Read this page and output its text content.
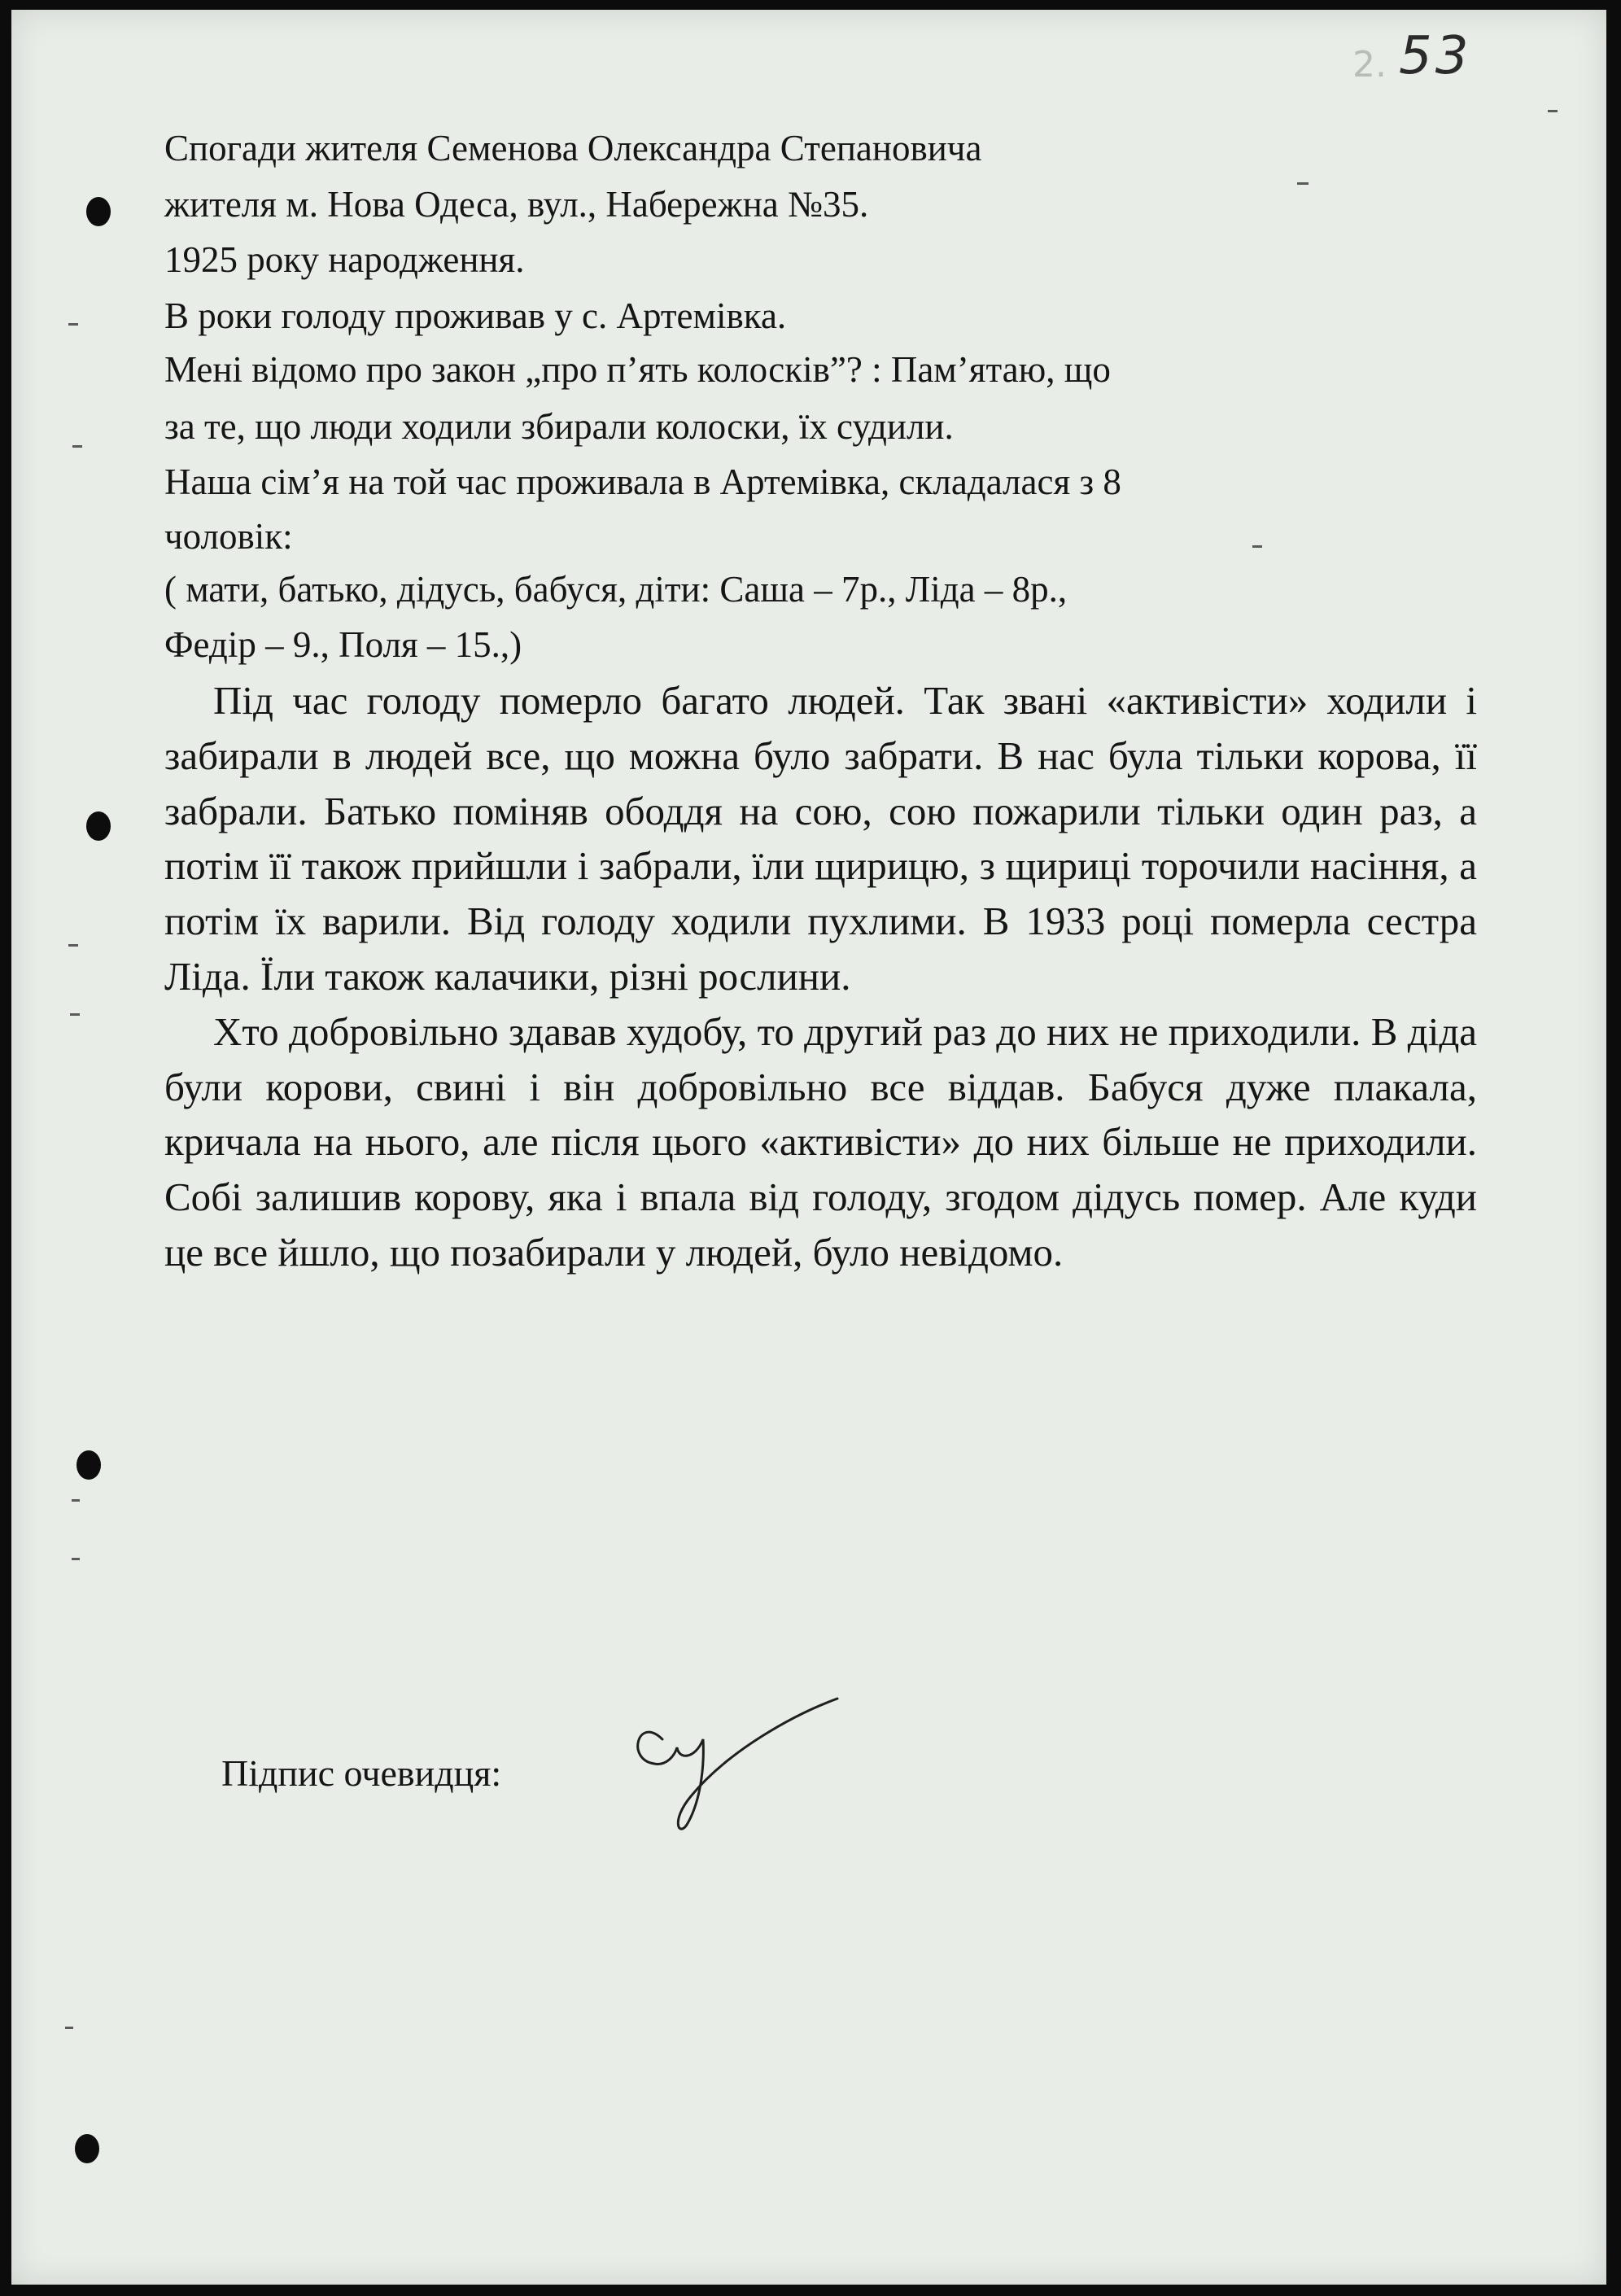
2. 53
Спогади жителя Семенова Олександра Степановича
жителя м. Нова Одеса, вул., Набережна №35.
1925 року народження.
В роки голоду проживав у с. Артемівка.
Мені відомо про закон „про п’ять колосків”? : Пам’ятаю, що
за те, що люди ходили збирали колоски, їх судили.
Наша сім’я на той час проживала в Артемівка, складалася з 8
чоловік:
( мати, батько, дідусь, бабуся, діти: Саша – 7р., Ліда – 8р.,
Федір – 9., Поля – 15.,)

Під час голоду померло багато людей. Так звані «активісти» ходили і забирали в людей все, що можна було забрати. В нас була тільки корова, її забрали. Батько поміняв ободдя на сою, сою пожарили тільки один раз, а потім її також прийшли і забрали, їли щирицю, з щириці торочили насіння, а потім їх варили. Від голоду ходили пухлими. В 1933 році померла сестра Ліда. Їли також калачики, різні рослини.

Хто добровільно здавав худобу, то другий раз до них не приходили. В діда були корови, свині і він добровільно все віддав. Бабуся дуже плакала, кричала на нього, але після цього «активісти» до них більше не приходили. Собі залишив корову, яка і впала від голоду, згодом дідусь помер. Але куди це все йшло, що позабирали у людей, було невідомо.

Підпис очевидця:
